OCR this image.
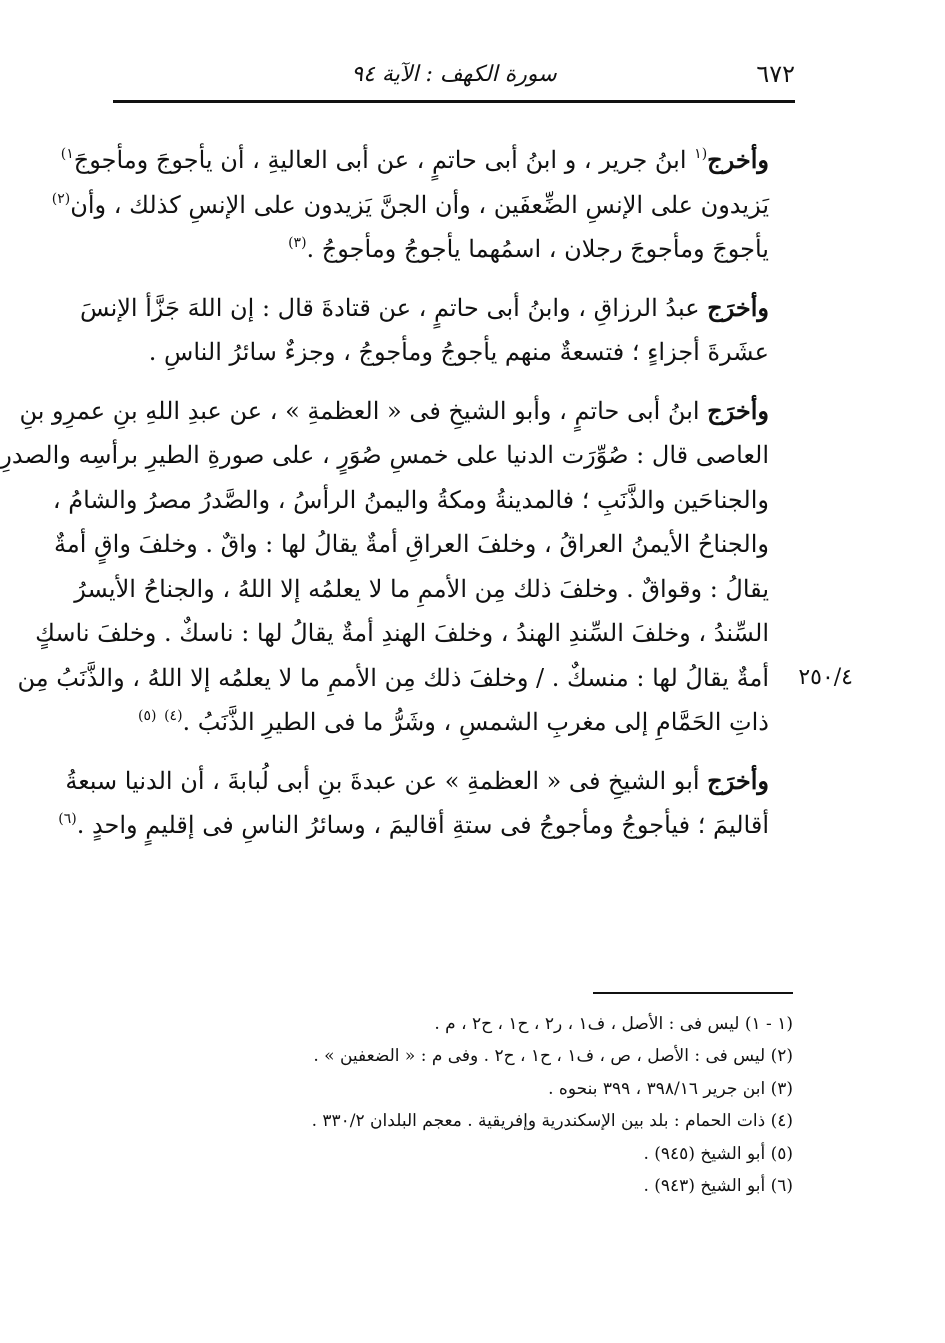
٦٧٢
سورة الكهف : الآية ٩٤

وأخرج$^{(١}$ ابنُ جرير ، و ابنُ أبى حاتمٍ ، عن أبى العاليةِ ، أن يأجوجَ ومأجوجَ$^{١)}$
يَزيدون على الإنسِ الضِّعفَين ، وأن الجنَّ يَزيدون على الإنسِ كذلك ، وأن$^{(٢)}$
يأجوجَ ومأجوجَ رجلان ، اسمُهما يأجوجُ ومأجوجُ .$^{(٣)}$

وأخرَج عبدُ الرزاقِ ، وابنُ أبى حاتمٍ ، عن قتادةَ قال : إن اللهَ جَزَّأ الإنسَ
عشَرةَ أجزاءٍ ؛ فتسعةٌ منهم يأجوجُ ومأجوجُ ، وجزءٌ سائرُ الناسِ .

وأخرَج ابنُ أبى حاتمٍ ، وأبو الشيخِ فى « العظمةِ » ، عن عبدِ اللهِ بنِ عمرِو بنِ
العاصى قال : صُوِّرَت الدنيا على خمسِ صُوَرٍ ، على صورةِ الطيرِ برأسِه والصدرِ
والجناحَين والذَّنَبِ ؛ فالمدينةُ ومكةُ واليمنُ الرأسُ ، والصَّدرُ مصرُ والشامُ ،
والجناحُ الأيمنُ العراقُ ، وخلفَ العراقِ أمةٌ يقالُ لها : واقٌ . وخلفَ واقٍ أمةٌ
يقالُ : وقواقٌ . وخلفَ ذلك مِن الأممِ ما لا يعلمُه إلا اللهُ ، والجناحُ الأيسرُ
السِّندُ ، وخلفَ السِّندِ الهندُ ، وخلفَ الهندِ أمةٌ يقالُ لها : ناسكٌ . وخلفَ ناسكٍ
٢٥٠/٤
أمةٌ يقالُ لها : منسكٌ . / وخلفَ ذلك مِن الأممِ ما لا يعلمُه إلا اللهُ ، والذَّنَبُ مِن
ذاتِ الحَمَّامِ إلى مغربِ الشمسِ ، وشَرُّ ما فى الطيرِ الذَّنَبُ .$^{(٤)}$ $^{(٥)}$

وأخرَج أبو الشيخِ فى « العظمةِ » عن عبدةَ بنِ أبى لُبابةَ ، أن الدنيا سبعةُ
أقاليمَ ؛ فيأجوجُ ومأجوجُ فى ستةِ أقاليمَ ، وسائرُ الناسِ فى إقليمٍ واحدٍ .$^{(٦)}$

(١ - ١) ليس فى : الأصل ، ف١ ، ر٢ ، ح١ ، ح٢ ، م .
(٢) ليس فى : الأصل ، ص ، ف١ ، ح١ ، ح٢ . وفى م : « الضعفين » .
(٣) ابن جرير ٣٩٨/١٦ ، ٣٩٩ بنحوه .
(٤) ذات الحمام : بلد بين الإسكندرية وإفريقية . معجم البلدان ٣٣٠/٢ .
(٥) أبو الشيخ (٩٤٥) .
(٦) أبو الشيخ (٩٤٣) .
